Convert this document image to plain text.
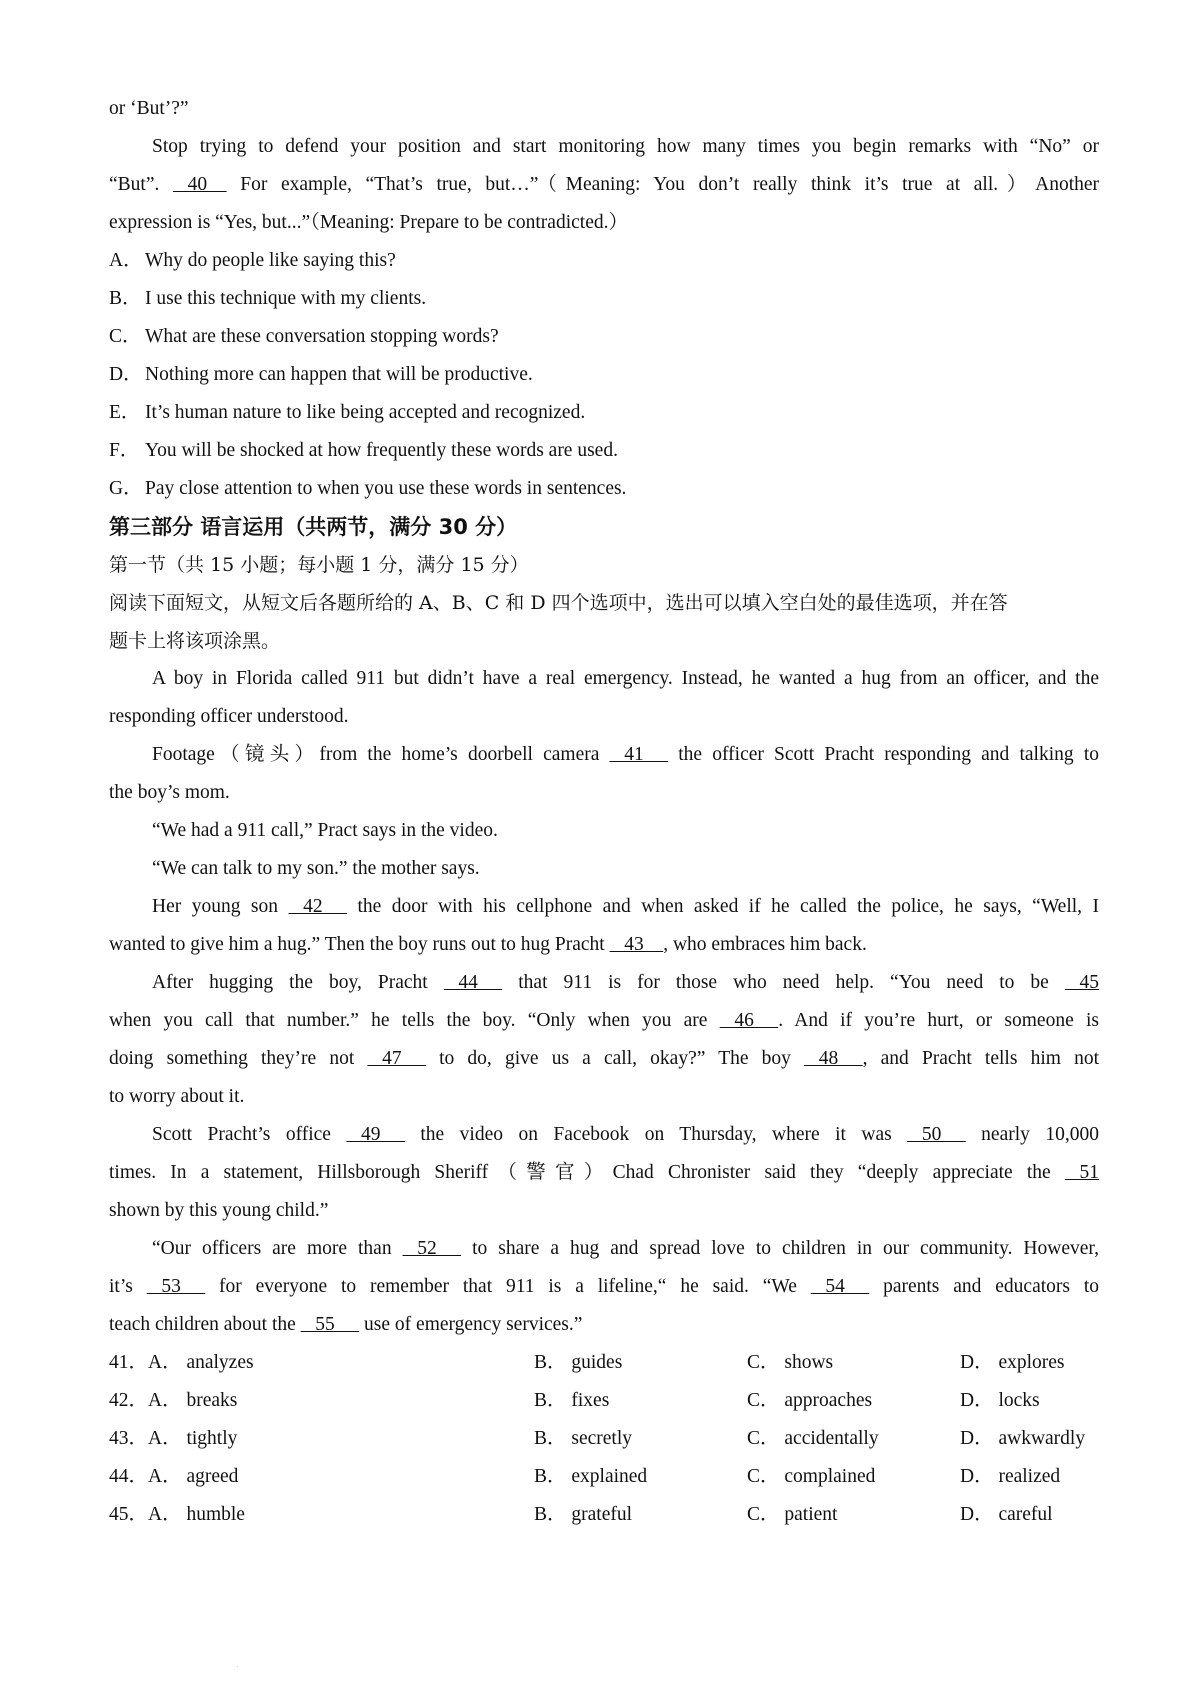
or ‘But’?”
Stop trying to defend your position and start monitoring how many times you begin remarks with “No” or
“But”.    40     For example, “That’s true, but…”（Meaning: You don’t really think it’s true at all.）Another
expression is “Yes, but...”（Meaning: Prepare to be contradicted.）
A． Why do people like saying this?
B． I use this technique with my clients.
C． What are these conversation stopping words?
D． Nothing more can happen that will be productive.
E． It’s human nature to like being accepted and recognized.
F． You will be shocked at how frequently these words are used.
G． Pay close attention to when you use these words in sentences.
第三部分 语言运用（共两节，满分 30 分）
第一节（共 15 小题；每小题 1 分，满分 15 分）
阅读下面短文，从短文后各题所给的 A、B、C 和 D 四个选项中，选出可以填入空白处的最佳选项，并在答
题卡上将该项涂黑。
A boy in Florida called 911 but didn’t have a real emergency. Instead, he wanted a hug from an officer, and the
responding officer understood.
Footage（镜头）from the home’s doorbell camera    41      the officer Scott Pracht responding and talking to
the boy’s mom.
“We had a 911 call,” Pract says in the video.
“We can talk to my son.” the mother says.
Her young son    42      the door with his cellphone and when asked if he called the police, he says, “Well, I
wanted to give him a hug.” Then the boy runs out to hug Pracht    43    , who embraces him back.
After hugging the boy, Pracht    44      that 911 is for those who need help. “You need to be    45
when you call that number.” he tells the boy. “Only when you are    46     . And if you’re hurt, or someone is
doing something they’re not    47      to do, give us a call, okay?” The boy    48     , and Pracht tells him not
to worry about it.
Scott Pracht’s office    49      the video on Facebook on Thursday, where it was    50      nearly 10,000
times. In a statement, Hillsborough Sheriff（警官）Chad Chronister said they “deeply appreciate the    51
shown by this young child.”
“Our officers are more than    52      to share a hug and spread love to children in our community. However,
it’s    53      for everyone to remember that 911 is a lifeline,“ he said. “We    54      parents and educators to
teach children about the    55      use of emergency services.”
41．A． analyzes	B． guides	C． shows	D． explores
42．A． breaks	B． fixes	C． approaches	D． locks
43．A． tightly	B． secretly	C． accidentally	D． awkwardly
44．A． agreed	B． explained	C． complained	D． realized
45．A． humble	B． grateful	C． patient	D． careful
.
